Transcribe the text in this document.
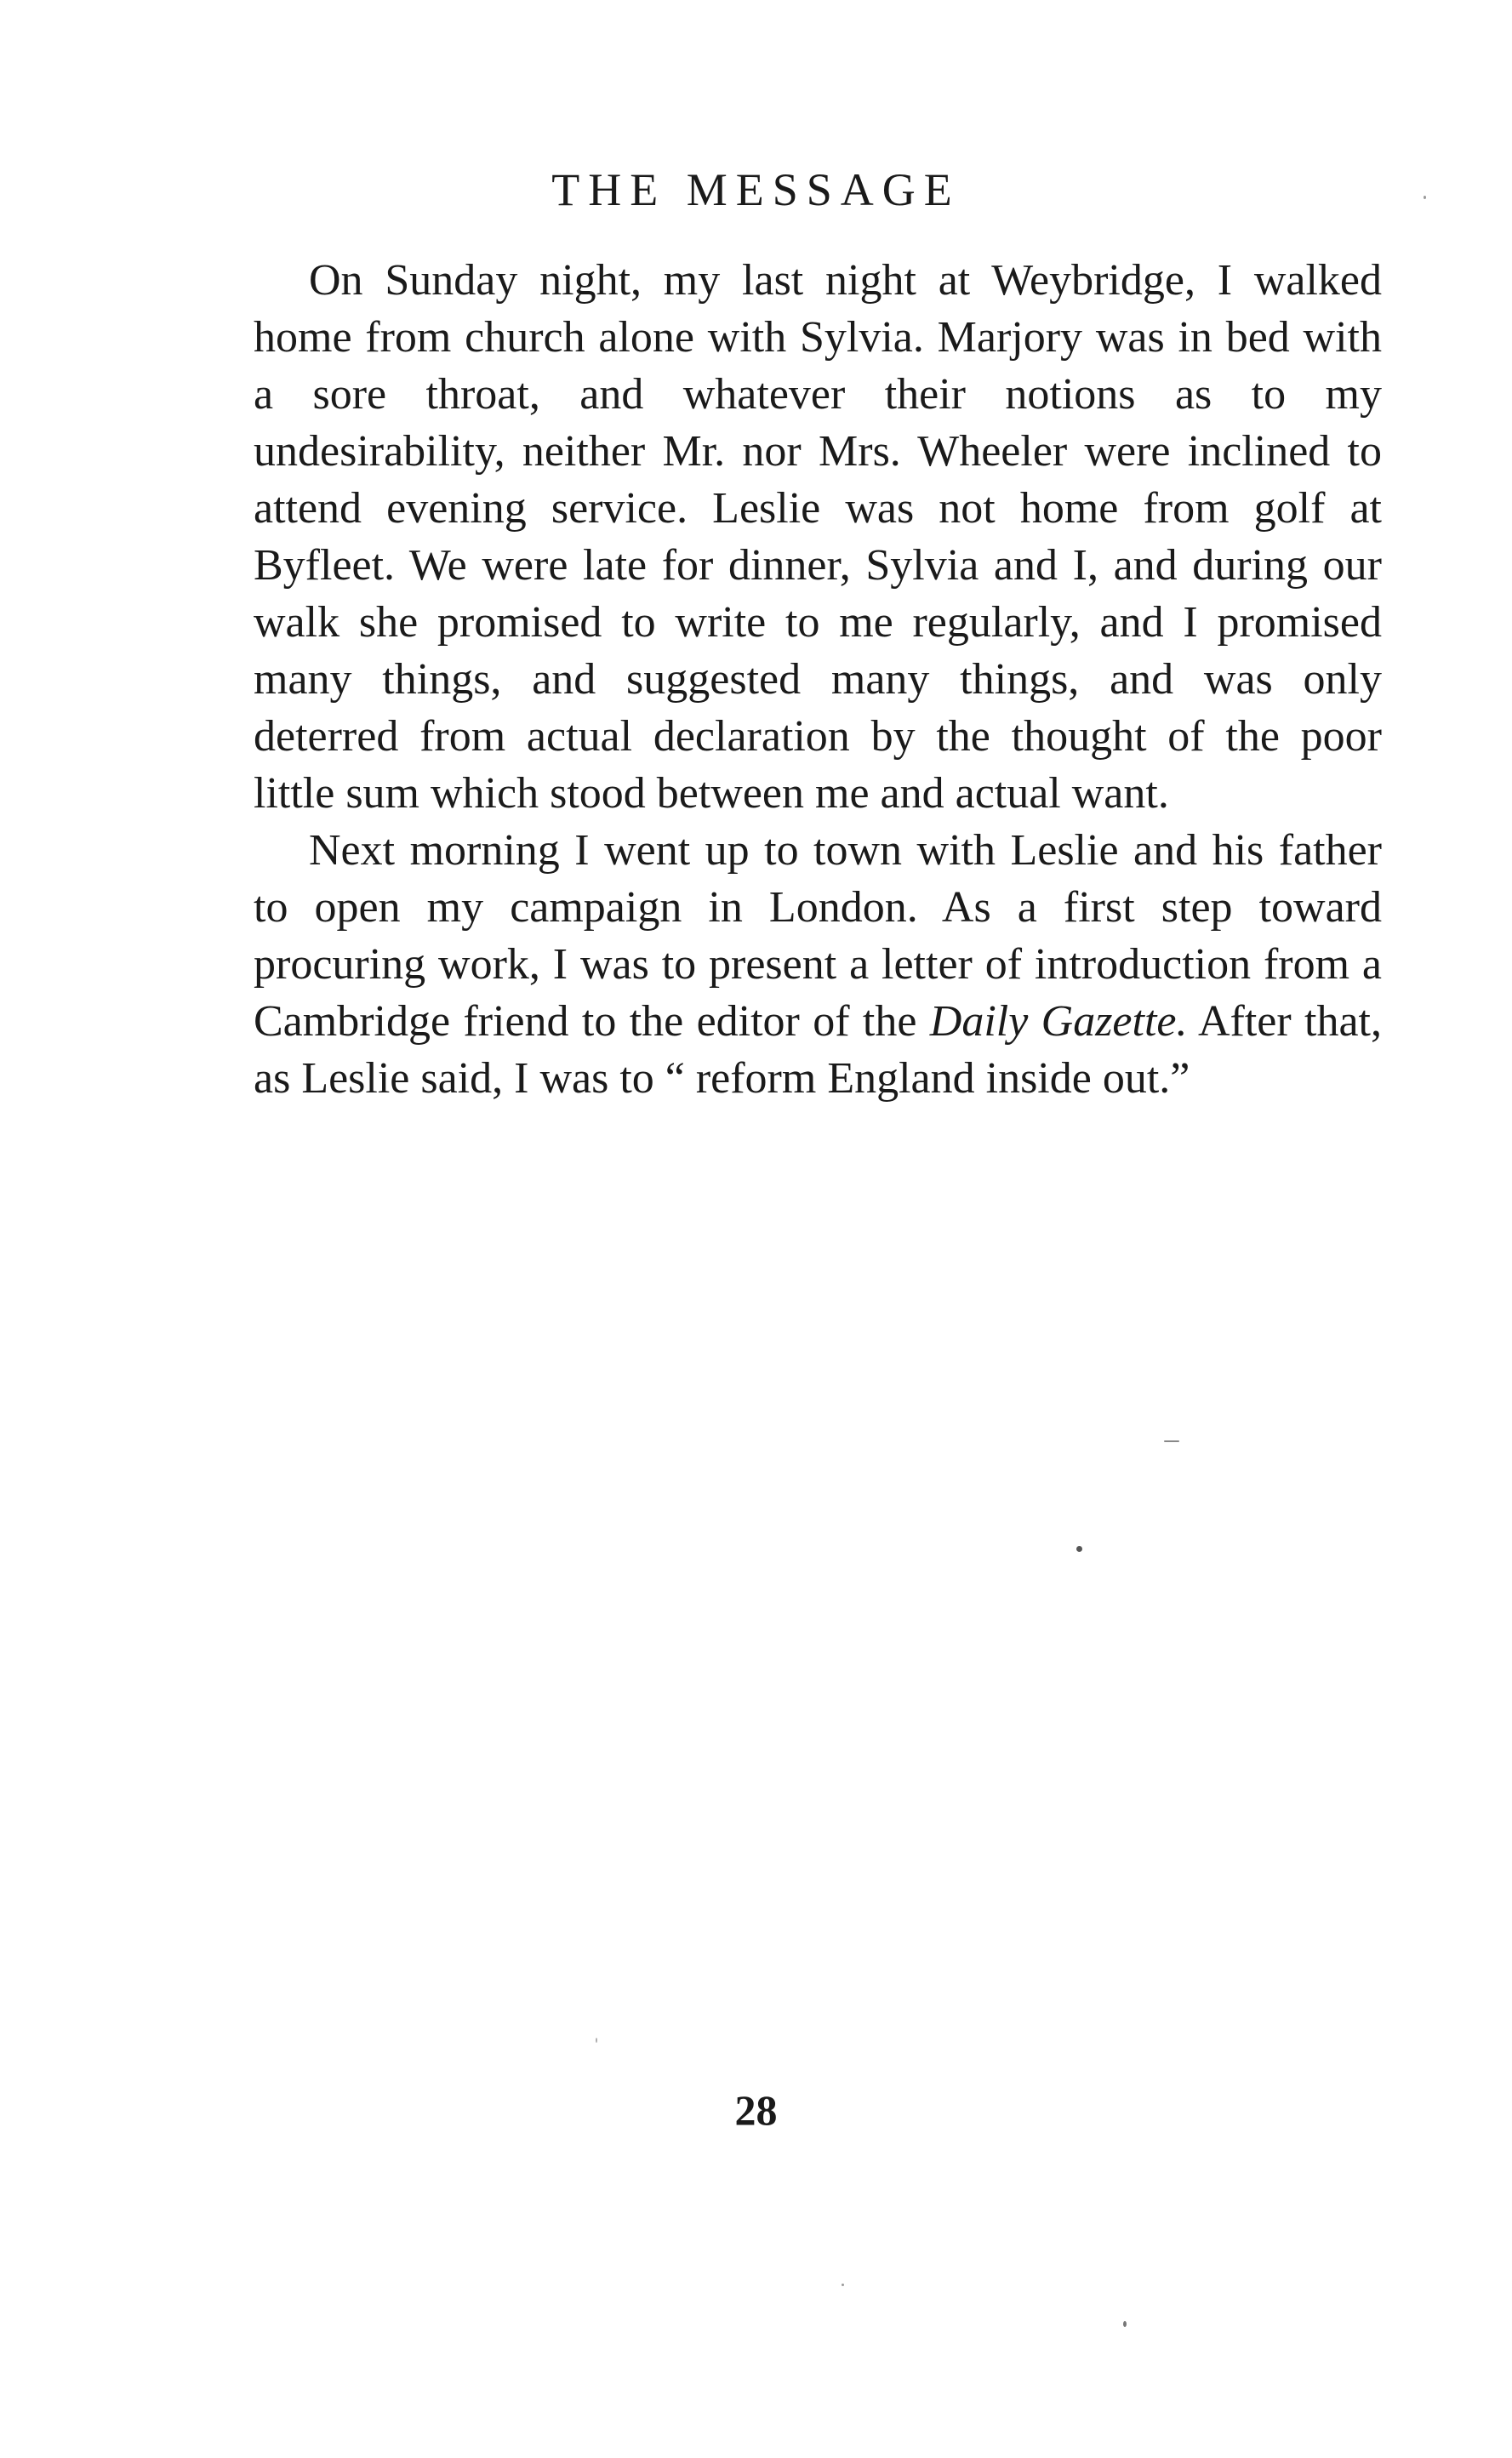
THE MESSAGE

On Sunday night, my last night at Weybridge, I walked home from church alone with Sylvia. Marjory was in bed with a sore throat, and whatever their notions as to my undesirability, neither Mr. nor Mrs. Wheeler were inclined to attend evening service. Leslie was not home from golf at Byfleet. We were late for dinner, Sylvia and I, and during our walk she promised to write to me regularly, and I promised many things, and suggested many things, and was only deterred from actual declaration by the thought of the poor little sum which stood between me and actual want.

Next morning I went up to town with Leslie and his father to open my campaign in London. As a first step toward procuring work, I was to present a letter of introduction from a Cambridge friend to the editor of the Daily Gazette. After that, as Leslie said, I was to “ reform England inside out.”

28
